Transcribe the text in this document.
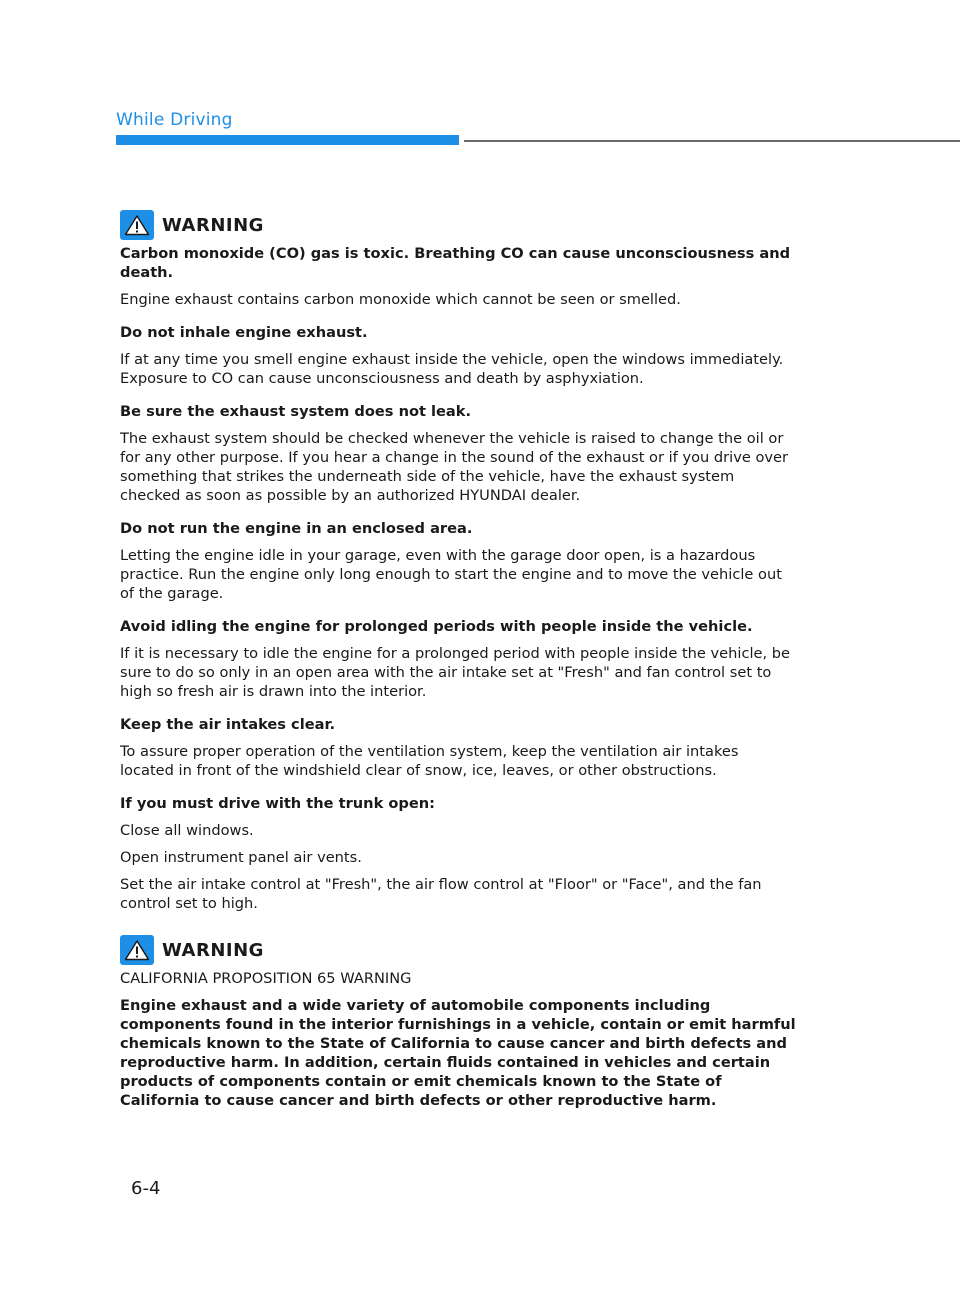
While Driving
WARNING

Carbon monoxide (CO) gas is toxic. Breathing CO can cause unconsciousness and death.

Engine exhaust contains carbon monoxide which cannot be seen or smelled.

Do not inhale engine exhaust.

If at any time you smell engine exhaust inside the vehicle, open the windows immediately. Exposure to CO can cause unconsciousness and death by asphyxiation.

Be sure the exhaust system does not leak.

The exhaust system should be checked whenever the vehicle is raised to change the oil or for any other purpose. If you hear a change in the sound of the exhaust or if you drive over something that strikes the underneath side of the vehicle, have the exhaust system checked as soon as possible by an authorized HYUNDAI dealer.

Do not run the engine in an enclosed area.

Letting the engine idle in your garage, even with the garage door open, is a hazardous practice. Run the engine only long enough to start the engine and to move the vehicle out of the garage.

Avoid idling the engine for prolonged periods with people inside the vehicle.

If it is necessary to idle the engine for a prolonged period with people inside the vehicle, be sure to do so only in an open area with the air intake set at "Fresh" and fan control set to high so fresh air is drawn into the interior.

Keep the air intakes clear.

To assure proper operation of the ventilation system, keep the ventilation air intakes located in front of the windshield clear of snow, ice, leaves, or other obstructions.

If you must drive with the trunk open:

Close all windows.

Open instrument panel air vents.

Set the air intake control at "Fresh", the air flow control at "Floor" or "Face", and the fan control set to high.

WARNING

CALIFORNIA PROPOSITION 65 WARNING

Engine exhaust and a wide variety of automobile components including components found in the interior furnishings in a vehicle, contain or emit harmful chemicals known to the State of California to cause cancer and birth defects and reproductive harm. In addition, certain fluids contained in vehicles and certain products of components contain or emit chemicals known to the State of California to cause cancer and birth defects or other reproductive harm.

6-4
